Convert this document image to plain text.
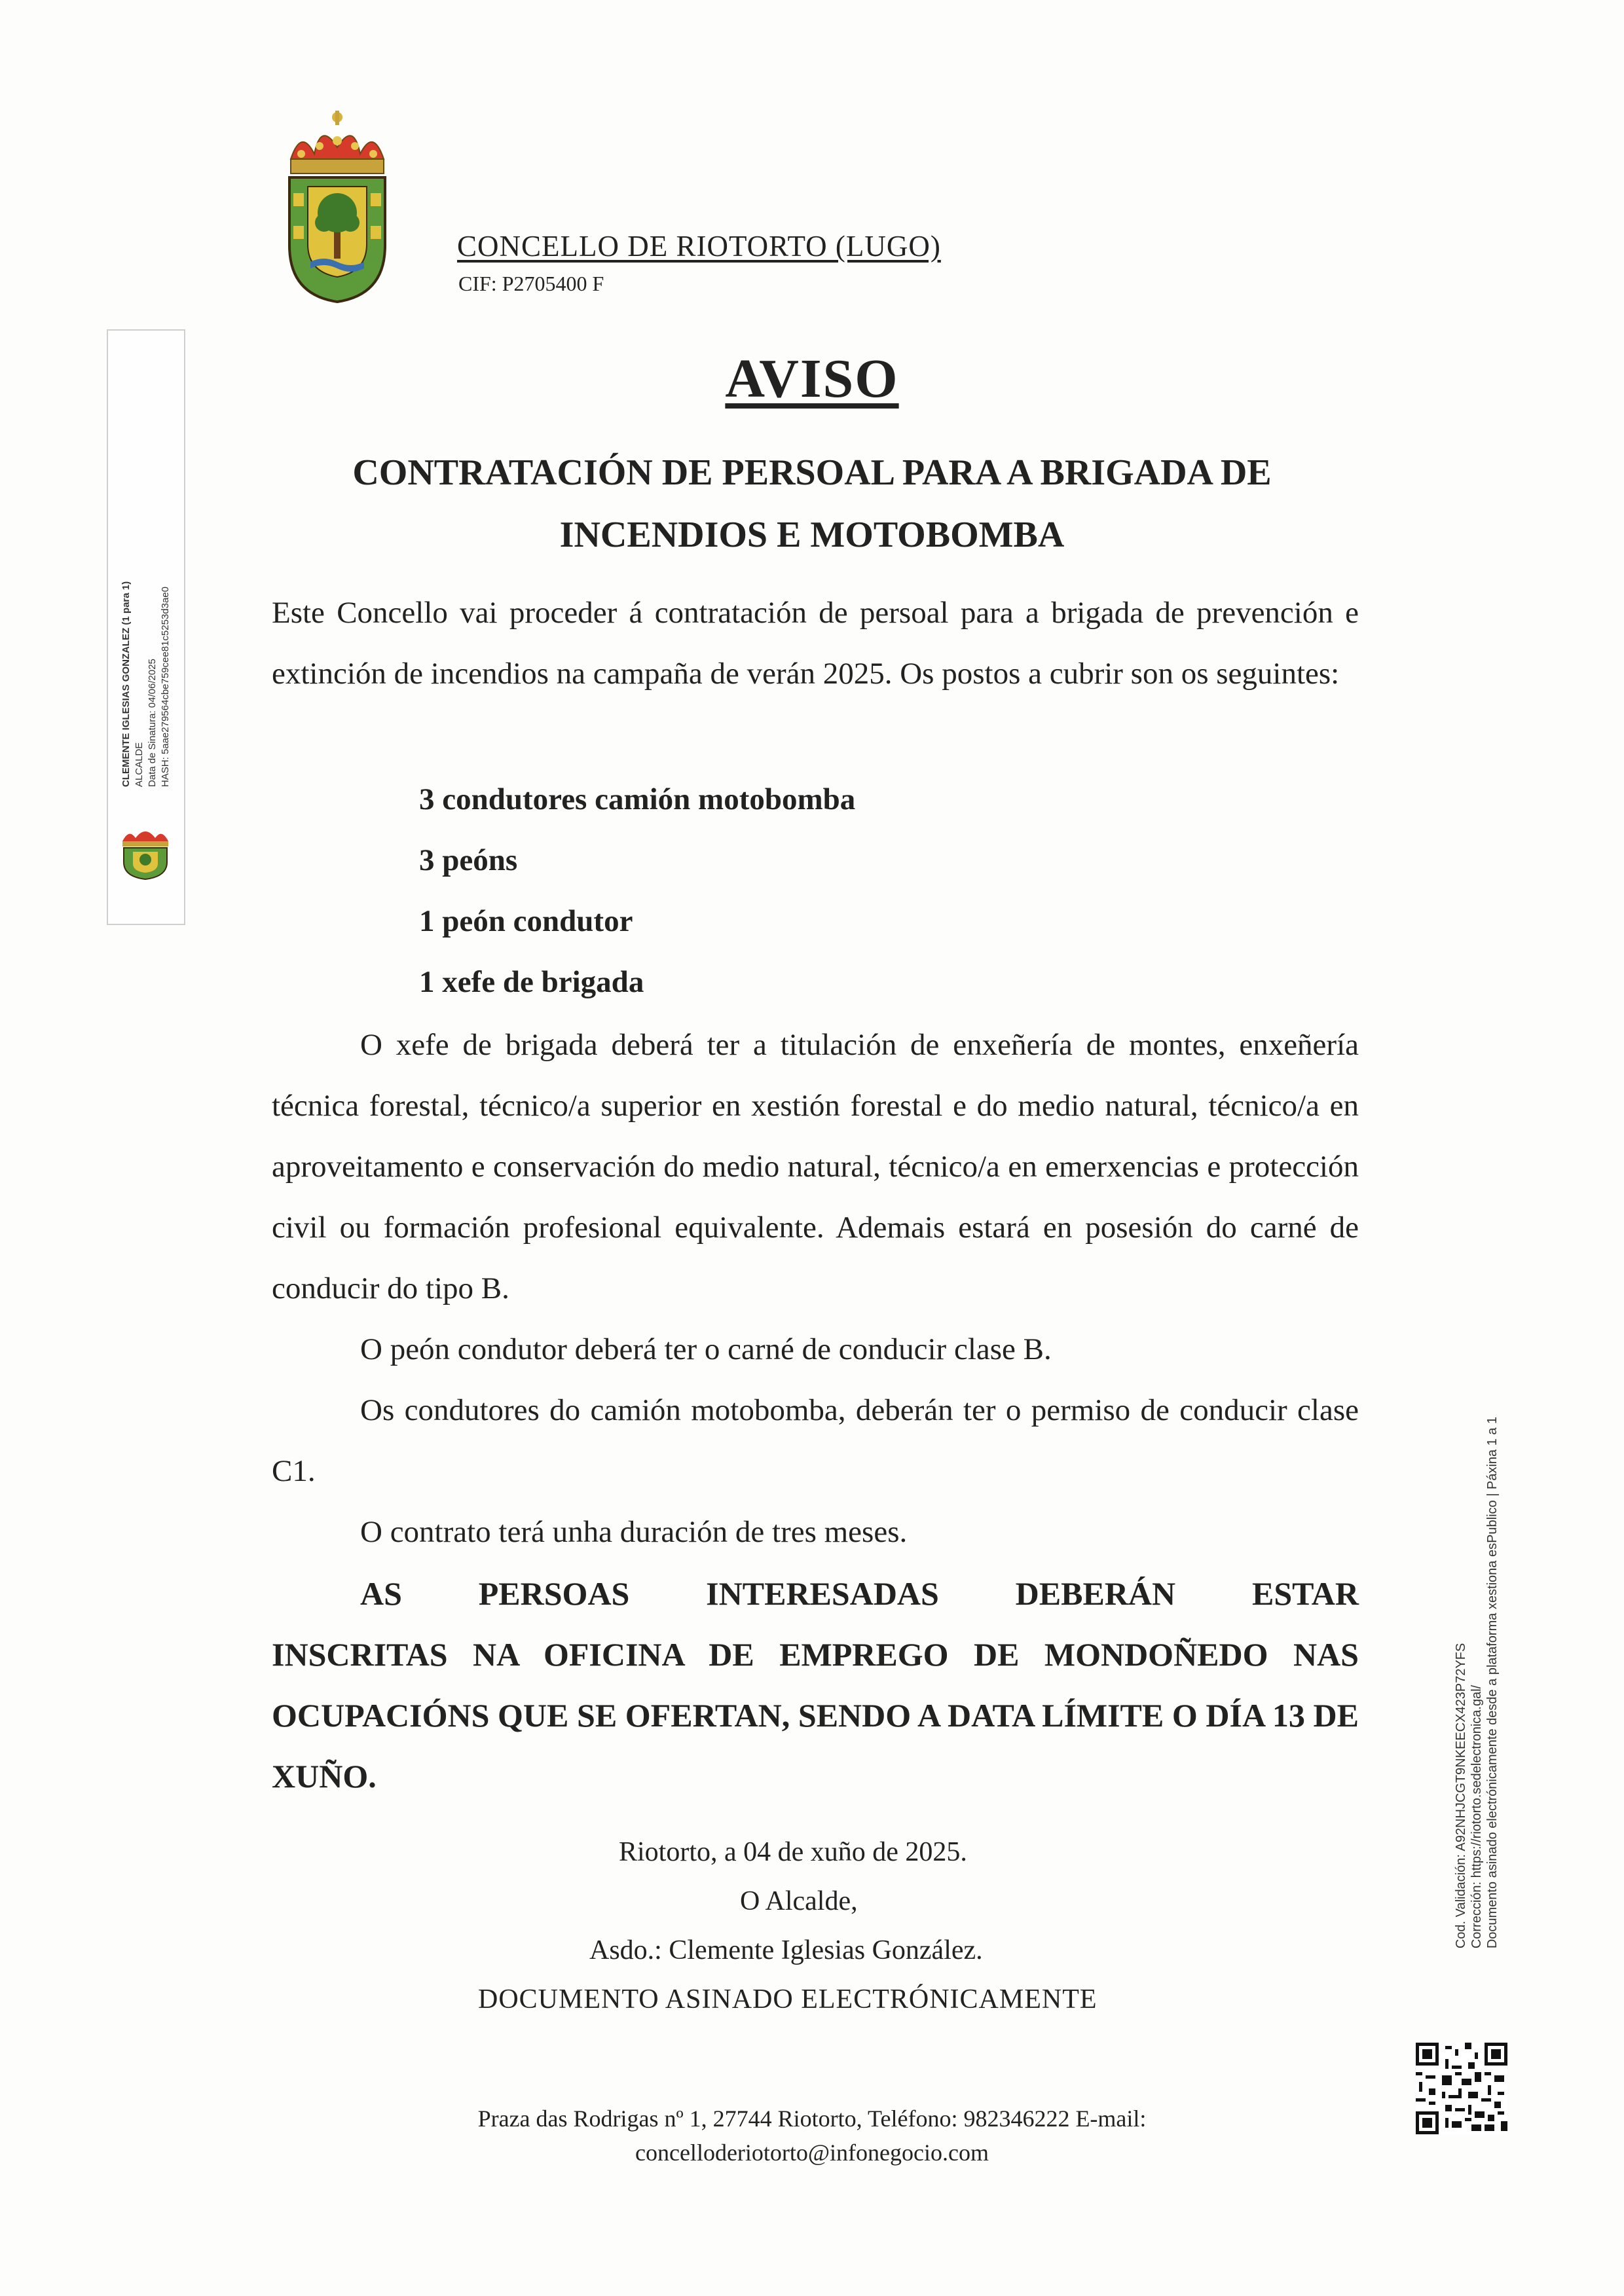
CONCELLO DE RIOTORTO (LUGO)
CIF: P2705400 F
CLEMENTE IGLESIAS GONZALEZ (1 para 1) ALCALDE Data de Sinatura: 04/06/2025 HASH: 5aae279564cbe759cee81c5253d3ae0
AVISO
CONTRATACIÓN DE PERSOAL PARA A BRIGADA DE INCENDIOS E MOTOBOMBA
Este Concello vai proceder á contratación de persoal para a brigada de prevención e extinción de incendios na campaña de verán 2025. Os postos a cubrir son os seguintes:
3 condutores camión motobomba
3 peóns
1 peón condutor
1 xefe de brigada
O xefe de brigada deberá ter a titulación de enxeñería de montes, enxeñería técnica forestal, técnico/a superior en xestión forestal e do medio natural, técnico/a en aproveitamento e conservación do medio natural, técnico/a en emerxencias e protección civil ou formación profesional equivalente. Ademais estará en posesión do carné de conducir do tipo B.
O peón condutor deberá ter o carné de conducir clase B.
Os condutores do camión motobomba, deberán ter o permiso de conducir clase C1.
O contrato terá unha duración de tres meses.
AS PERSOAS INTERESADAS DEBERÁN ESTAR
INSCRITAS NA OFICINA DE EMPREGO DE MONDOÑEDO NAS OCUPACIÓNS QUE SE OFERTAN, SENDO A DATA LÍMITE O DÍA 13 DE XUÑO.
Riotorto, a 04 de xuño de 2025.
O Alcalde,
Asdo.: Clemente Iglesias González.
DOCUMENTO ASINADO ELECTRÓNICAMENTE
Praza das Rodrigas nº 1, 27744 Riotorto, Teléfono: 982346222 E-mail:
concelloderiotorto@infonegocio.com
Cod. Validación: A92NHJCGT9NKEECX423P72YFS Corrección: https://riotorto.sedelectronica.gal/ Documento asinado electrónicamente desde a plataforma xestiona esPublico | Páxina 1 a 1
